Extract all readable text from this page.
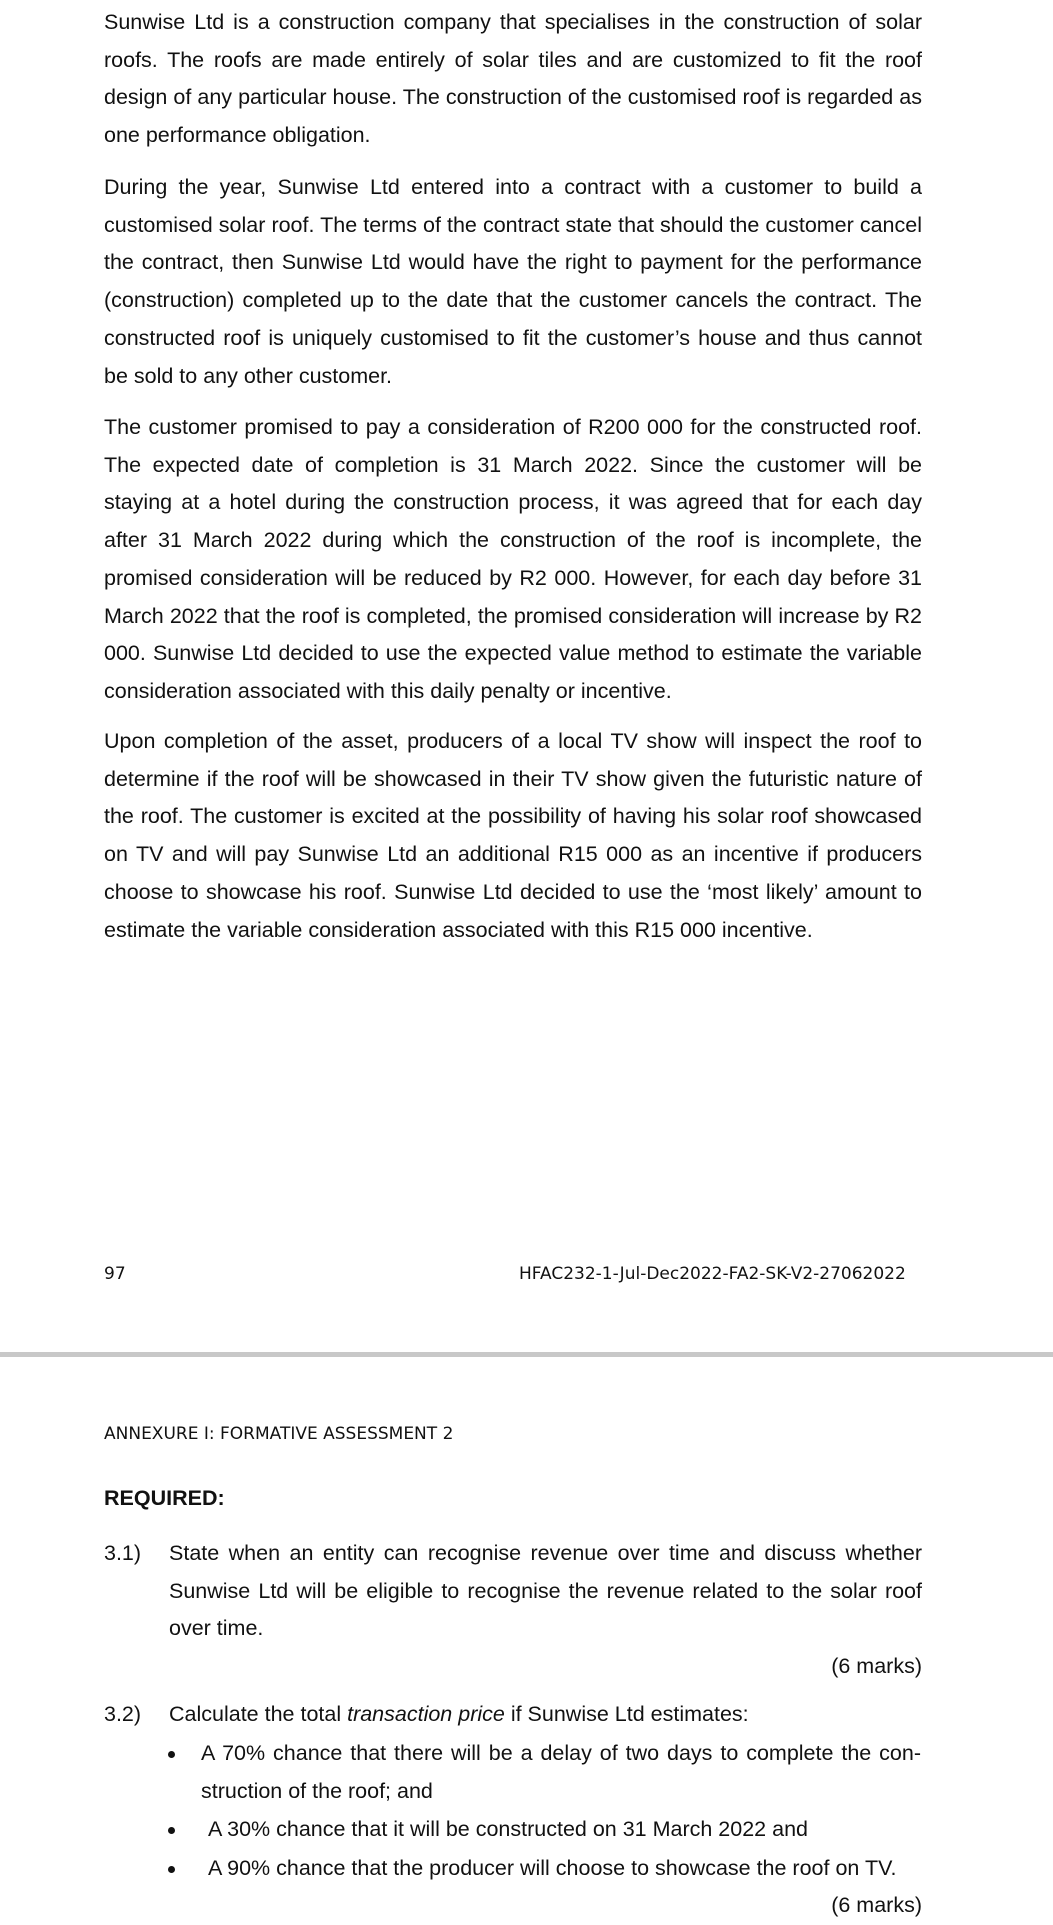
Sunwise Ltd is a construction company that specialises in the construction of solar roofs. The roofs are made entirely of solar tiles and are customized to fit the roof design of any particular house. The construction of the customised roof is regarded as one performance obligation.

During the year, Sunwise Ltd entered into a contract with a customer to build a customised solar roof. The terms of the contract state that should the customer cancel the contract, then Sunwise Ltd would have the right to payment for the performance (construction) completed up to the date that the customer cancels the contract. The constructed roof is uniquely customised to fit the customer’s house and thus cannot be sold to any other customer.

The customer promised to pay a consideration of R200 000 for the constructed roof. The expected date of completion is 31 March 2022. Since the customer will be staying at a hotel during the construction process, it was agreed that for each day after 31 March 2022 during which the construction of the roof is incomplete, the promised consideration will be reduced by R2 000. However, for each day before 31 March 2022 that the roof is completed, the promised consideration will increase by R2 000. Sunwise Ltd decided to use the expected value method to estimate the variable consideration associated with this daily penalty or incentive.

Upon completion of the asset, producers of a local TV show will inspect the roof to determine if the roof will be showcased in their TV show given the futuristic nature of the roof. The customer is excited at the possibility of having his solar roof showcased on TV and will pay Sunwise Ltd an additional R15 000 as an incentive if producers choose to showcase his roof. Sunwise Ltd decided to use the ‘most likely’ amount to estimate the variable consideration associated with this R15 000 incentive.

97	HFAC232-1-Jul-Dec2022-FA2-SK-V2-27062022
ANNEXURE I: FORMATIVE ASSESSMENT 2
REQUIRED:
3.1) State when an entity can recognise revenue over time and discuss whether Sunwise Ltd will be eligible to recognise the revenue related to the solar roof over time.

(6 marks)
3.2) Calculate the total transaction price if Sunwise Ltd estimates:

A 70% chance that there will be a delay of two days to complete the con-struction of the roof; and

A 30% chance that it will be constructed on 31 March 2022 and

A 90% chance that the producer will choose to showcase the roof on TV.

(6 marks)
